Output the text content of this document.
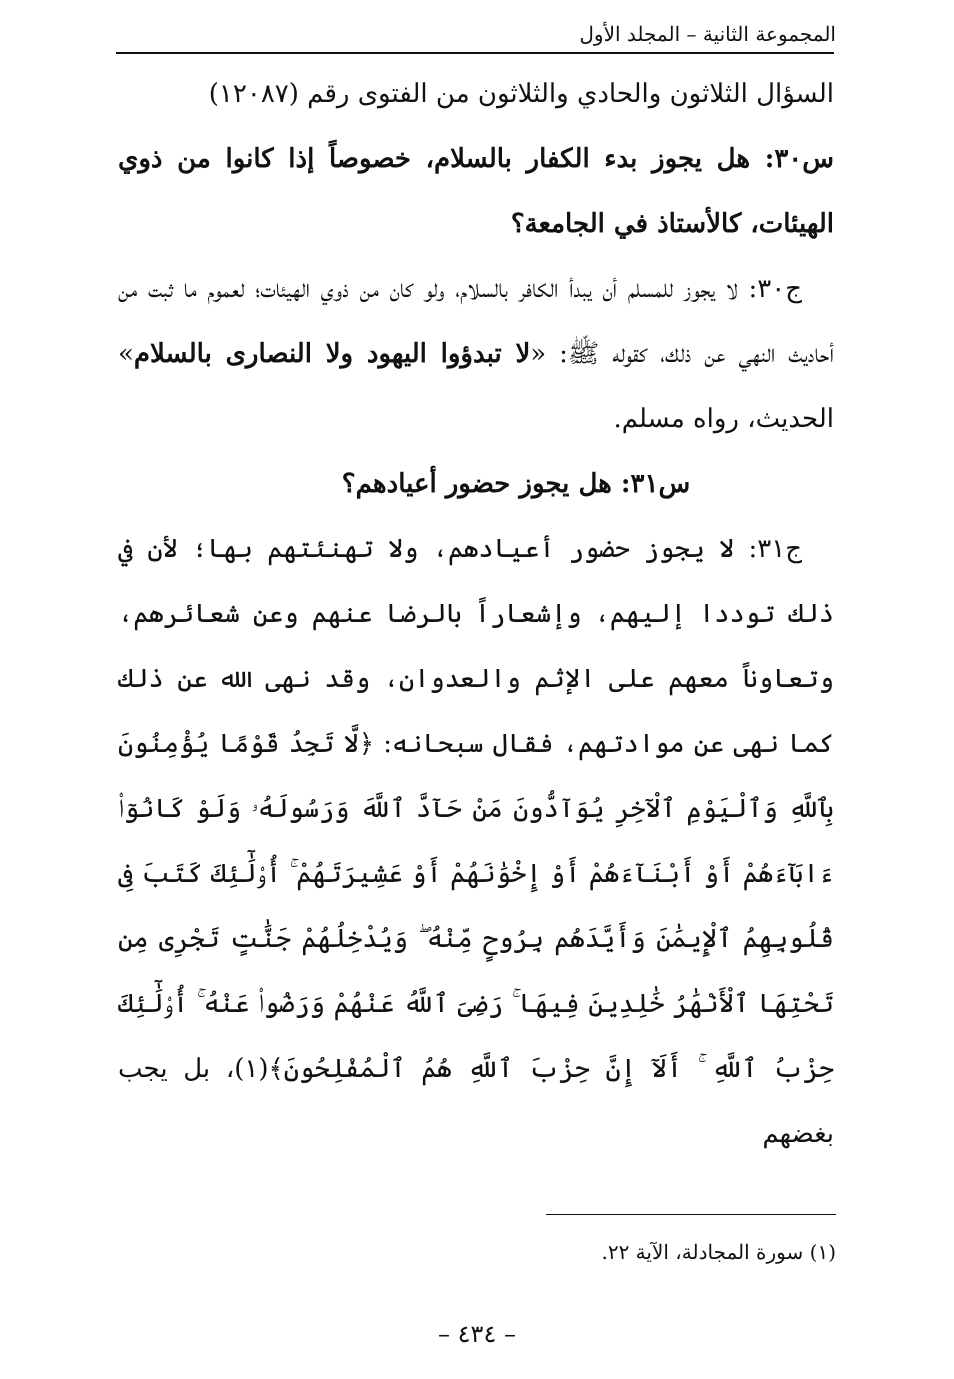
المجموعة الثانية – المجلد الأول

السؤال الثلاثون والحادي والثلاثون من الفتوى رقم (١٢٠٨٧)

س٣٠: هل يجوز بدء الكفار بالسلام، خصوصاً إذا كانوا من ذوي الهيئات، كالأستاذ في الجامعة؟

ج٣٠: لا يجوز للمسلم أن يبدأ الكافر بالسلام، ولو كان من ذوي الهيئات؛ لعموم ما ثبت من أحاديث النهي عن ذلك، كقوله ﷺ: «لا تبدؤوا اليهود ولا النصارى بالسلام» الحديث، رواه مسلم.

س٣١: هل يجوز حضور أعيادهم؟

ج٣١: لا يجوز حضور أعيادهم، ولا تهنئتهم بها؛ لأن في ذلك توددا إليهم، وإشعاراً بالرضا عنهم وعن شعائرهم، وتعاوناً معهم على الإثم والعدوان، وقد نهى الله عن ذلك كما نهى عن موادتهم، فقال سبحانه: ﴿لَّا تَجِدُ قَوْمًا يُؤْمِنُونَ بِٱللَّهِ وَٱلْيَوْمِ ٱلْآخِرِ يُوَآدُّونَ مَنْ حَآدَّ ٱللَّهَ وَرَسُولَهُۥ وَلَوْ كَانُوٓا۟ ءَابَآءَهُمْ أَوْ أَبْنَآءَهُمْ أَوْ إِخْوَٰنَهُمْ أَوْ عَشِيرَتَهُمْ ۚ أُو۟لَٰٓئِكَ كَتَبَ فِى قُلُوبِهِمُ ٱلْإِيمَٰنَ وَأَيَّدَهُم بِرُوحٍ مِّنْهُ ۖ وَيُدْخِلُهُمْ جَنَّٰتٍ تَجْرِى مِن تَحْتِهَا ٱلْأَنْهَٰرُ خَٰلِدِينَ فِيهَا ۚ رَضِىَ ٱللَّهُ عَنْهُمْ وَرَضُوا۟ عَنْهُ ۚ أُو۟لَٰٓئِكَ حِزْبُ ٱللَّهِ ۚ أَلَآ إِنَّ حِزْبَ ٱللَّهِ هُمُ ٱلْمُفْلِحُونَ﴾(١)، بل يجب بغضهم

(١) سورة المجادلة، الآية ٢٢.
– ٤٣٤ –
